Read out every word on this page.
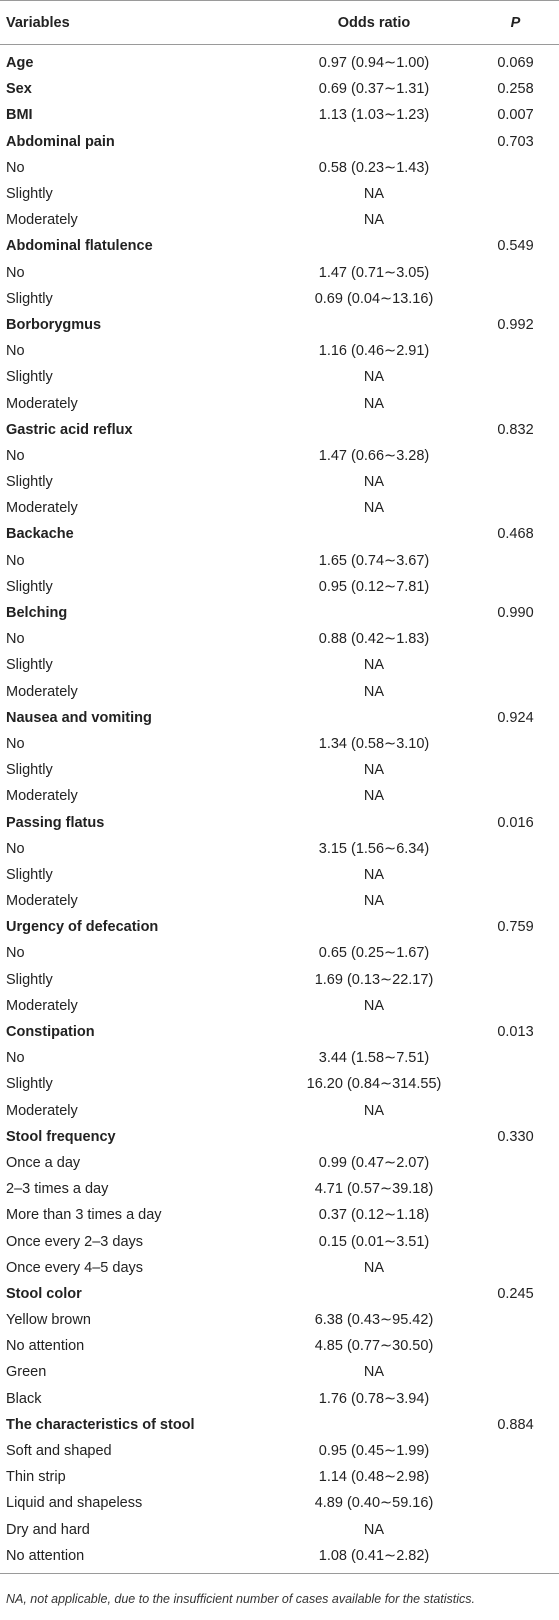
Variables	Odds ratio	P
Age	0.97 (0.94∼1.00)	0.069
Sex	0.69 (0.37∼1.31)	0.258
BMI	1.13 (1.03∼1.23)	0.007
Abdominal pain		0.703
No	0.58 (0.23∼1.43)	
Slightly	NA	
Moderately	NA	
Abdominal flatulence		0.549
No	1.47 (0.71∼3.05)	
Slightly	0.69 (0.04∼13.16)	
Borborygmus		0.992
No	1.16 (0.46∼2.91)	
Slightly	NA	
Moderately	NA	
Gastric acid reflux		0.832
No	1.47 (0.66∼3.28)	
Slightly	NA	
Moderately	NA	
Backache		0.468
No	1.65 (0.74∼3.67)	
Slightly	0.95 (0.12∼7.81)	
Belching		0.990
No	0.88 (0.42∼1.83)	
Slightly	NA	
Moderately	NA	
Nausea and vomiting		0.924
No	1.34 (0.58∼3.10)	
Slightly	NA	
Moderately	NA	
Passing flatus		0.016
No	3.15 (1.56∼6.34)	
Slightly	NA	
Moderately	NA	
Urgency of defecation		0.759
No	0.65 (0.25∼1.67)	
Slightly	1.69 (0.13∼22.17)	
Moderately	NA	
Constipation		0.013
No	3.44 (1.58∼7.51)	
Slightly	16.20 (0.84∼314.55)	
Moderately	NA	
Stool frequency		0.330
Once a day	0.99 (0.47∼2.07)	
2–3 times a day	4.71 (0.57∼39.18)	
More than 3 times a day	0.37 (0.12∼1.18)	
Once every 2–3 days	0.15 (0.01∼3.51)	
Once every 4–5 days	NA	
Stool color		0.245
Yellow brown	6.38 (0.43∼95.42)	
No attention	4.85 (0.77∼30.50)	
Green	NA	
Black	1.76 (0.78∼3.94)	
The characteristics of stool		0.884
Soft and shaped	0.95 (0.45∼1.99)	
Thin strip	1.14 (0.48∼2.98)	
Liquid and shapeless	4.89 (0.40∼59.16)	
Dry and hard	NA	
No attention	1.08 (0.41∼2.82)	
NA, not applicable, due to the insufficient number of cases available for the statistics.
